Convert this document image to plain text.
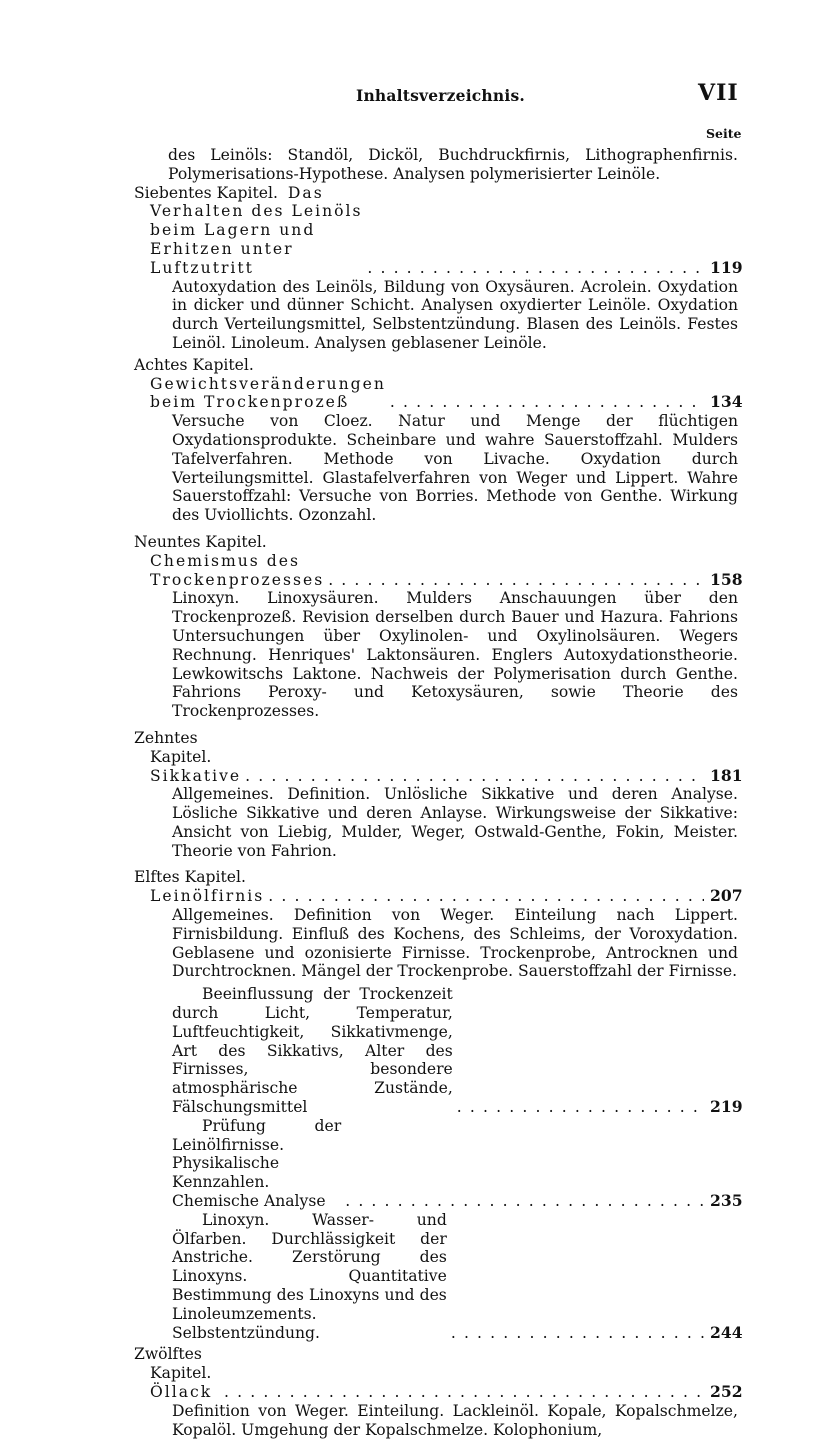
Inhaltsverzeichnis.	VII
Seite
des Leinöls: Standöl, Dicköl, Buchdruckfirnis, Lithographenfirnis. Polymerisations-Hypothese. Analysen polymerisierter Leinöle.
Siebentes Kapitel. Das Verhalten des Leinöls beim Lagern und Erhitzen unter Luftzutritt . . .	119
Autoxydation des Leinöls, Bildung von Oxysäuren. Acrolein. Oxydation in dicker und dünner Schicht. Analysen oxydierter Leinöle. Oxydation durch Verteilungsmittel, Selbstentzündung. Blasen des Leinöls. Festes Leinöl. Linoleum. Analysen geblasener Leinöle.
Achtes Kapitel.   Gewichtsveränderungen beim Trockenprozeß . . .	134
Versuche von Cloez. Natur und Menge der flüchtigen Oxydationsprodukte. Scheinbare und wahre Sauerstoffzahl. Mulders Tafelverfahren. Methode von Livache. Oxydation durch Verteilungsmittel. Glastafelverfahren von Weger und Lippert. Wahre Sauerstoffzahl: Versuche von Borries. Methode von Genthe. Wirkung des Uviollichts. Ozonzahl.
Neuntes Kapitel.  Chemismus des Trockenprozesses . . .	158
Linoxyn. Linoxysäuren. Mulders Anschauungen über den Trockenprozeß. Revision derselben durch Bauer und Hazura. Fahrions Untersuchungen über Oxylinolen- und Oxylinolsäuren. Wegers Rechnung. Henriques' Laktonsäuren. Englers Autoxydationstheorie. Lewkowitschs Laktone. Nachweis der Polymerisation durch Genthe. Fahrions Peroxy- und Ketoxysäuren, sowie Theorie des Trockenprozesses.
Zehntes Kapitel.  Sikkative . . .	181
Allgemeines. Definition. Unlösliche Sikkative und deren Analyse. Lösliche Sikkative und deren Anlayse. Wirkungsweise der Sikkative: Ansicht von Liebig, Mulder, Weger, Ostwald-Genthe, Fokin, Meister. Theorie von Fahrion.
Elftes Kapitel.  Leinölfirnis . . .	207
Allgemeines. Definition von Weger. Einteilung nach Lippert. Firnisbildung. Einfluß des Kochens, des Schleims, der Voroxydation. Geblasene und ozonisierte Firnisse. Trockenprobe, Antrocknen und Durchtrocknen. Mängel der Trockenprobe. Sauerstoffzahl der Firnisse.
Beeinflussung der Trockenzeit durch Licht, Temperatur, Luftfeuchtigkeit, Sikkativmenge, Art des Sikkativs, Alter des Firnisses, besondere atmosphärische Zustände, Fälschungsmittel . . .	219
Prüfung der Leinölfirnisse. Physikalische Kennzahlen. Chemische Analyse . . .	235
Linoxyn. Wasser- und Ölfarben. Durchlässigkeit der Anstriche. Zerstörung des Linoxyns. Quantitative Bestimmung des Linoxyns und des Linoleumzements. Selbstentzündung. . . .	244
Zwölftes Kapitel.  Öllack . . .	252
Definition von Weger. Einteilung. Lackleinöl. Kopale, Kopalschmelze, Kopalöl. Umgehung der Kopalschmelze. Kolophonium,
